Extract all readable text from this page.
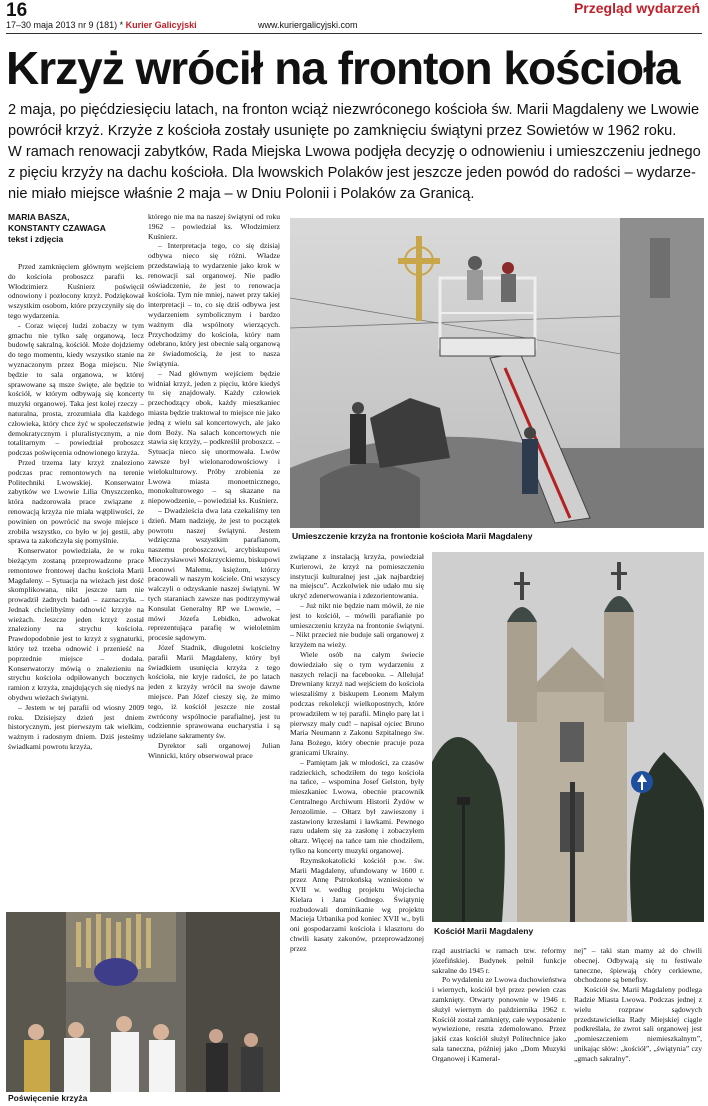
16
17–30 maja 2013 nr 9 (181) * Kurier Galicyjski	www.kuriergalicyjski.com
Przegląd wydarzeń
Krzyż wrócił na fronton kościoła
2 maja, po pięćdziesięciu latach, na fronton wciąż niezwróconego kościoła św. Marii Magdaleny we Lwowie
powrócił krzyż. Krzyże z kościoła zostały usunięte po zamknięciu świątyni przez Sowietów w 1962 roku.
W ramach renowacji zabytków, Rada Miejska Lwowa podjęła decyzję o odnowieniu i umieszczeniu jednego
z pięciu krzyży na dachu kościoła. Dla lwowskich Polaków jest jeszcze jeden powód do radości – wydarze-
nie miało miejsce właśnie 2 maja – w Dniu Polonii i Polaków za Granicą.
MARIA BASZA,
KONSTANTY CZAWAGA
tekst i zdjęcia

Przed zamknięciem głównym wejściem do kościoła proboszcz parafii ks. Włodzimierz Kuśnierz poświęcił odnowiony i pozłocony krzyż. Podziękował wszystkim osobom, które przyczyniły się do tego wydarzenia.

- Coraz więcej ludzi zobaczy w tym gmachu nie tylko salę organową, lecz budowlę sakralną, kościół. Może dojdziemy do tego momentu, kiedy wszystko stanie na wyznaczonym przez Boga miejscu. Nie będzie to sala organowa, w której sprawowane są msze święte, ale będzie to kościół, w którym odbywają się koncerty muzyki organowej. Taka jest kolej rzeczy – naturalna, prosta, zrozumiała dla każdego człowieka, który chce żyć w społeczeństwie demokratycznym i pluralistycznym, a nie totalitarnym – powiedział proboszcz podczas poświęcenia odnowionego krzyża.

Przed trzema laty krzyż znaleziono podczas prac remontowych na terenie Politechniki Lwowskiej. Konserwator zabytków we Lwowie Lilia Onyszczenko, która nadzorowała prace związane z renowacją krzyża nie miała wątpliwości, że powinien on powrócić na swoje miejsce i zrobiła wszystko, co było w jej gestii, aby sprawa ta zakończyła się pomyślnie.

Konserwator powiedziała, że w roku bieżącym zostaną przeprowadzone prace remontowe frontowej dachu kościoła Marii Magdaleny. – Sytuacja na wieżach jest dość skomplikowana, nikt jeszcze tam nie prowadził żadnych badań – zaznaczyła. – Jednak chcielibyśmy odnowić krzyże na wieżach. Jeszcze jeden krzyż został znaleziony na strychu kościoła. Prawdopodobnie jest to krzyż z sygnaturki, który też trzeba odnowić i przenieść na poprzednie miejsce – dodała. Konserwatorzy mówią o znalezieniu na strychu kościoła odpiłowanych bocznych ramion z krzyża, znajdujących się niedyś na obydwu wieżach świątyni.

– Jestem w tej parafii od wiosny 2009 roku. Dzisiejszy dzień jest dniem historycznym, jest pierwszym tak wielkim, ważnym i radosnym dniem. Dziś jesteśmy świadkami powrotu krzyża,

którego nie ma na naszej świątyni od roku 1962 – powiedział ks. Włodzimierz Kuśnierz.

– Interpretacja tego, co się dzisiaj odbywa nieco się różni. Władze przedstawiają to wydarzenie jako krok w renowacji sal organowej. Nie padło oświadczenie, że jest to renowacja kościoła. Tym nie mniej, nawet przy takiej interpretacji – to, co się dziś odbywa jest wydarzeniem symbolicznym i bardzo ważnym dla wspólnoty wierzących. Przychodzimy do kościoła, który nam odebrano, który jest obecnie salą organową ze świadomością, że jest to nasza świątynia.

– Nad głównym wejściem będzie widniał krzyż, jeden z pięciu, które kiedyś tu się znajdowały. Każdy człowiek przechodzący obok, każdy mieszkaniec miasta będzie traktował to miejsce nie jako jedną z wielu sal koncertowych, ale jako dom Boży. Na salach koncertowych nie stawia się krzyży, – podkreślił proboszcz. – Sytuacja nieco się unormowała. Lwów zawsze był wielonarodowościowy i wielokulturowy. Próby zrobienia ze Lwowa miasta monoetnicznego, monokulturowego – są skazane na niepowodzenie, – powiedział ks. Kuśnierz.

– Dwadzieścia dwa lata czekaliśmy ten dzień. Mam nadzieję, że jest to początek powrotu naszej świątyni. Jestem wdzięczna wszystkim parafianom, naszemu proboszczowi, arcybiskupowi Mieczysławowi Mokrzyckiemu, biskupowi Leonowi Małemu, księżom, którzy pracowali w naszym kościele. Oni wszyscy walczyli o odzyskanie naszej świątyni. W tych staraniach zawsze nas podtrzymywał Konsulat Generalny RP we Lwowie, – mówi Józefa Lebidko, adwokat reprezentująca parafię w wieloletnim procesie sądowym.

Józef Stadnik, długoletni kościelny parafii Marii Magdaleny, który był świadkiem usunięcia krzyża z tego kościoła, nie kryje radości, że po latach jeden z krzyży wrócił na swoje dawne miejsce. Pan Józef cieszy się, że mimo tego, iż kościół jeszcze nie został zwrócony wspólnocie parafialnej, jest tu codziennie sprawowana eucharystia i są udzielane sakramenty św.

Dyrektor sali organowej Julian Winnicki, który obserwował prace

związane z instalacją krzyża, powiedział Kurierowi, że krzyż na pomieszczeniu instytucji kulturalnej jest „jak najbardziej na miejscu”. Aczkolwiek nie udało mu się ukryć zdenerwowania i zdezorientowania.

– Już nikt nie będzie nam mówił, że nie jest to kościół, – mówili parafianie po umieszczeniu krzyża na frontonie świątyni. – Nikt przecież nie buduje sali organowej z krzyżem na wieży.

Wiele osób na całym świecie dowiedziało się o tym wydarzeniu z naszych relacji na facebooku. – Alleluja! Drewniany krzyż nad wejściem do kościoła wieszaliśmy z biskupem Leonem Małym podczas rekolekcji wielkopostnych, które prowadziłem w tej parafii. Minęło parę lat i pierwszy mały cud! – napisał ojciec Bruno Maria Neumann z Zakonu Szpitalnego św. Jana Bożego, który obecnie pracuje poza granicami Ukrainy.

– Pamiętam jak w młodości, za czasów radzieckich, schodziłem do tego kościoła na tańce, – wspomina Josef Gelston, były mieszkaniec Lwowa, obecnie pracownik Centralnego Archiwum Historii Żydów w Jerozolimie. – Ołtarz był zawieszony i zastawiony krzesłami i ławkami. Pewnego razu udałem się za zasłonę i zobaczyłem ołtarz. Więcej na tańce tam nie chodziłem, tylko na koncerty muzyki organowej.

Rzymskokatolicki kościół p.w. św. Marii Magdaleny, ufundowany w 1600 r. przez Annę Pstrokońską wzniesiono w XVII w. według projektu Wojciecha Kielara i Jana Godnego. Świątynię rozbudowali dominikanie wg projektu Macieja Urbanika pod koniec XVII w., byli oni gospodarzami kościoła i klasztoru do chwili kasaty zakonów, przeprowadzonej przez	rząd austriacki w ramach tzw. reformy józefińskiej. Budynek pełnił funkcje sakralne do 1945 r.

Po wydaleniu ze Lwowa duchowieństwa i wiernych, kościół był przez pewien czas zamknięty. Otwarty ponownie w 1946 r. służył wiernym do października 1962 r. Kościół został zamknięty, całe wyposażenie wywiezione, reszta zdemolowano. Przez jakiś czas kościół służył Politechnice jako sala taneczna, później jako „Dom Muzyki Organowej i Kameral-

nej” – taki stan mamy aż do chwili obecnej. Odbywają się tu festiwale taneczne, śpiewają chóry cerkiewne, obchodzone są benefisy.

Kościół św. Marii Magdaleny podlega Radzie Miasta Lwowa. Podczas jednej z wielu rozpraw sądowych przedstawicielka Rady Miejskiej ciągle podkreślała, że zwrot sali organowej jest „pomieszczeniem niemieszkalnym”, unikając słów: „kościół”, „świątynia” czy „gmach sakralny”.

Umieszczenie krzyża na frontonie kościoła Marii Magdaleny
Kościół Marii Magdaleny
Poświęcenie krzyża
